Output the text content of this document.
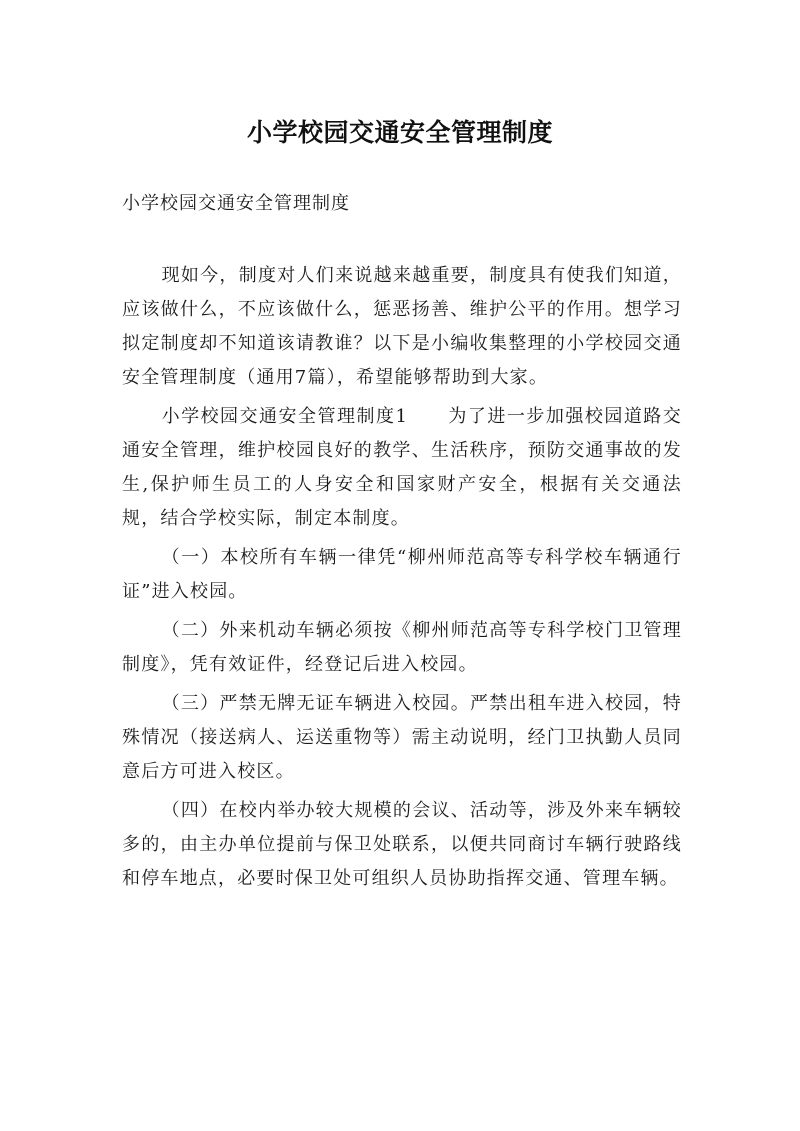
小学校园交通安全管理制度
小学校园交通安全管理制度

现如今，制度对人们来说越来越重要，制度具有使我们知道，应该做什么，不应该做什么，惩恶扬善、维护公平的作用。想学习拟定制度却不知道该请教谁？以下是小编收集整理的小学校园交通安全管理制度（通用7篇），希望能够帮助到大家。

小学校园交通安全管理制度1 为了进一步加强校园道路交通安全管理，维护校园良好的教学、生活秩序，预防交通事故的发生,保护师生员工的人身安全和国家财产安全，根据有关交通法规，结合学校实际，制定本制度。

（一）本校所有车辆一律凭“柳州师范高等专科学校车辆通行证”进入校园。

（二）外来机动车辆必须按《柳州师范高等专科学校门卫管理制度》，凭有效证件，经登记后进入校园。

（三）严禁无牌无证车辆进入校园。严禁出租车进入校园，特殊情况（接送病人、运送重物等）需主动说明，经门卫执勤人员同意后方可进入校区。

（四）在校内举办较大规模的会议、活动等，涉及外来车辆较多的，由主办单位提前与保卫处联系，以便共同商讨车辆行驶路线和停车地点，必要时保卫处可组织人员协助指挥交通、管理车辆。
